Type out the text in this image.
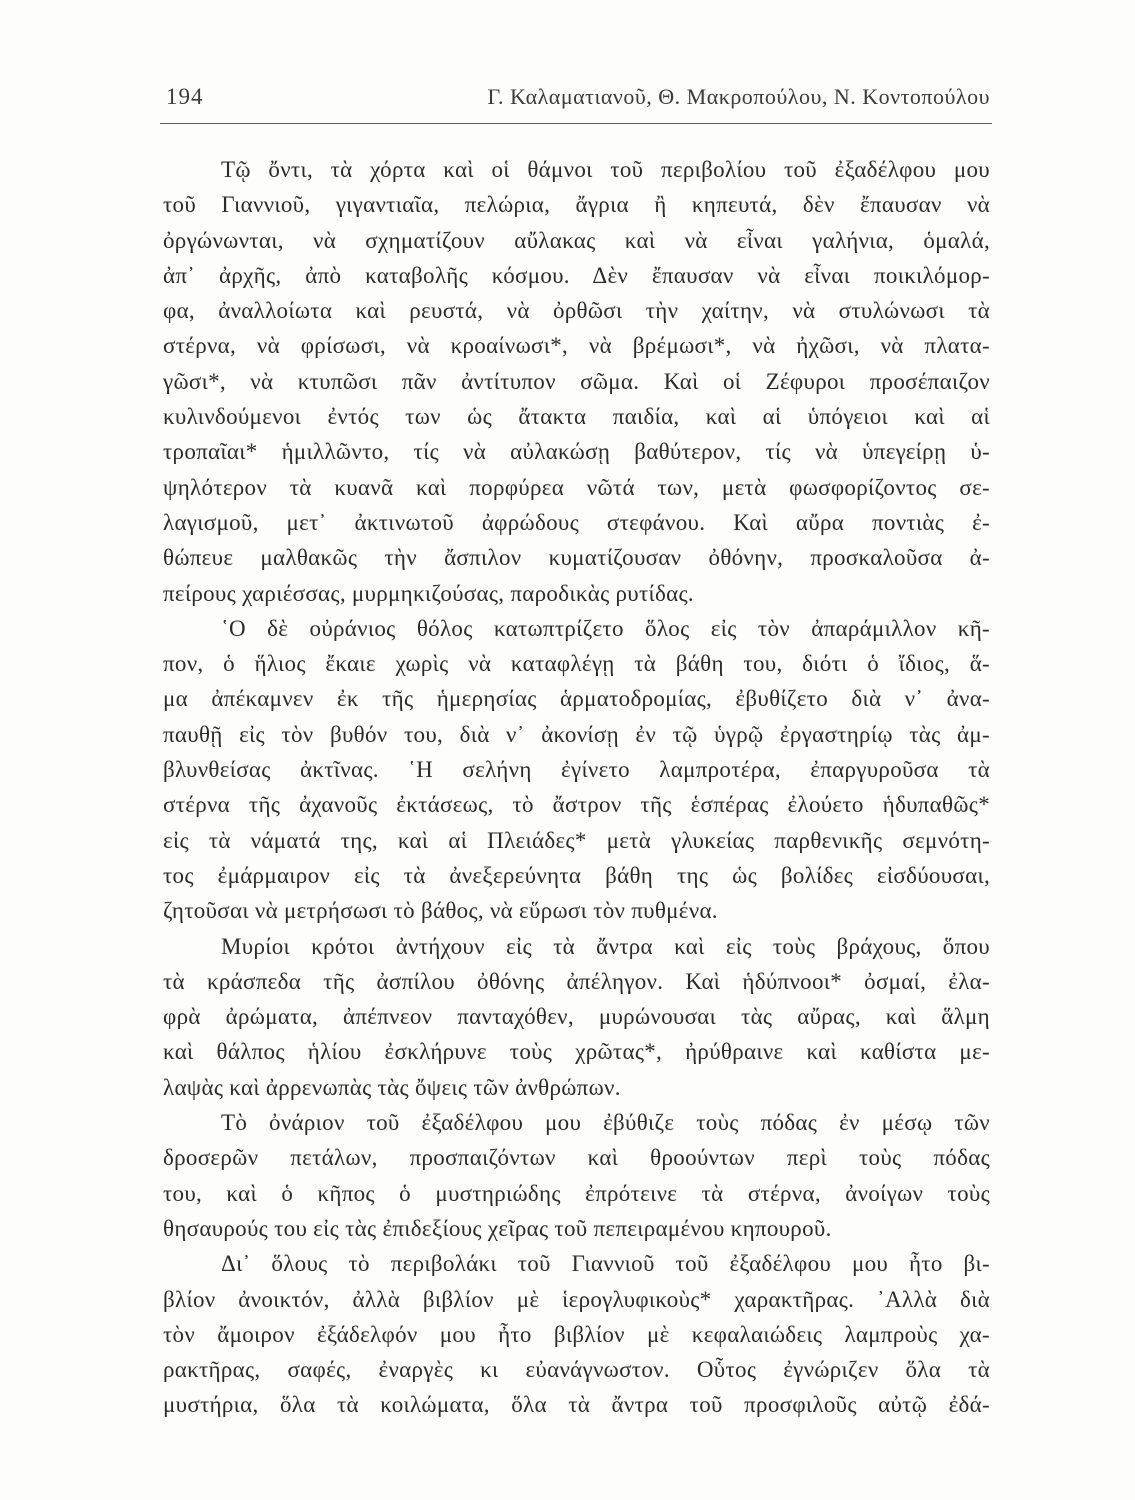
194	Γ. Καλαματιανοῦ, Θ. Μακροπούλου, Ν. Κοντοπούλου
Τῷ ὄντι, τὰ χόρτα καὶ οἱ θάμνοι τοῦ περιβολίου τοῦ ἐξαδέλφου μου
τοῦ Γιαννιοῦ, γιγαντιαῖα, πελώρια, ἄγρια ἢ κηπευτά, δὲν ἔπαυσαν νὰ
ὀργώνωνται, νὰ σχηματίζουν αὔλακας καὶ νὰ εἶναι γαλήνια, ὁμαλά,
ἀπ᾿ ἀρχῆς, ἀπὸ καταβολῆς κόσμου. Δὲν ἔπαυσαν νὰ εἶναι ποικιλόμορ-
φα, ἀναλλοίωτα καὶ ρευστά, νὰ ὀρθῶσι τὴν χαίτην, νὰ στυλώνωσι τὰ
στέρνα, νὰ φρίσωσι, νὰ κροαίνωσι*, νὰ βρέμωσι*, νὰ ἠχῶσι, νὰ πλατα-
γῶσι*, νὰ κτυπῶσι πᾶν ἀντίτυπον σῶμα. Καὶ οἱ Ζέφυροι προσέπαιζον
κυλινδούμενοι ἐντός των ὡς ἄτακτα παιδία, καὶ αἱ ὑπόγειοι καὶ αἱ
τροπαῖαι* ἡμιλλῶντο, τίς νὰ αὐλακώσῃ βαθύτερον, τίς νὰ ὑπεγείρῃ ὑ-
ψηλότερον τὰ κυανᾶ καὶ πορφύρεα νῶτά των, μετὰ φωσφορίζοντος σε-
λαγισμοῦ, μετ᾿ ἀκτινωτοῦ ἀφρώδους στεφάνου. Καὶ αὔρα ποντιὰς ἐ-
θώπευε μαλθακῶς τὴν ἄσπιλον κυματίζουσαν ὀθόνην, προσκαλοῦσα ἀ-
πείρους χαριέσσας, μυρμηκιζούσας, παροδικὰς ρυτίδας.
῾Ο δὲ οὐράνιος θόλος κατωπτρίζετο ὅλος εἰς τὸν ἀπαράμιλλον κῆ-
πον, ὁ ἥλιος ἔκαιε χωρὶς νὰ καταφλέγῃ τὰ βάθη του, διότι ὁ ἴδιος, ἅ-
μα ἀπέκαμνεν ἐκ τῆς ἡμερησίας ἁρματοδρομίας, ἐβυθίζετο διὰ ν᾿ ἀνα-
παυθῇ εἰς τὸν βυθόν του, διὰ ν᾿ ἀκονίσῃ ἐν τῷ ὑγρῷ ἐργαστηρίῳ τὰς ἀμ-
βλυνθείσας ἀκτῖνας. ῾Η σελήνη ἐγίνετο λαμπροτέρα, ἐπαργυροῦσα τὰ
στέρνα τῆς ἀχανοῦς ἐκτάσεως, τὸ ἄστρον τῆς ἑσπέρας ἐλούετο ἡδυπαθῶς*
εἰς τὰ νάματά της, καὶ αἱ Πλειάδες* μετὰ γλυκείας παρθενικῆς σεμνότη-
τος ἐμάρμαιρον εἰς τὰ ἀνεξερεύνητα βάθη της ὡς βολίδες εἰσδύουσαι,
ζητοῦσαι νὰ μετρήσωσι τὸ βάθος, νὰ εὕρωσι τὸν πυθμένα.
Μυρίοι κρότοι ἀντήχουν εἰς τὰ ἄντρα καὶ εἰς τοὺς βράχους, ὅπου
τὰ κράσπεδα τῆς ἀσπίλου ὀθόνης ἀπέληγον. Καὶ ἡδύπνοοι* ὀσμαί, ἐλα-
φρὰ ἀρώματα, ἀπέπνεον πανταχόθεν, μυρώνουσαι τὰς αὔρας, καὶ ἅλμη
καὶ θάλπος ἡλίου ἐσκλήρυνε τοὺς χρῶτας*, ἠρύθραινε καὶ καθίστα με-
λαψὰς καὶ ἀρρενωπὰς τὰς ὄψεις τῶν ἀνθρώπων.
Τὸ ὀνάριον τοῦ ἐξαδέλφου μου ἐβύθιζε τοὺς πόδας ἐν μέσῳ τῶν
δροσερῶν πετάλων, προσπαιζόντων καὶ θροούντων περὶ τοὺς πόδας
του, καὶ ὁ κῆπος ὁ μυστηριώδης ἐπρότεινε τὰ στέρνα, ἀνοίγων τοὺς
θησαυρούς του εἰς τὰς ἐπιδεξίους χεῖρας τοῦ πεπειραμένου κηπουροῦ.
Δι᾿ ὅλους τὸ περιβολάκι τοῦ Γιαννιοῦ τοῦ ἐξαδέλφου μου ἦτο βι-
βλίον ἀνοικτόν, ἀλλὰ βιβλίον μὲ ἱερογλυφικοὺς* χαρακτῆρας. ᾿Αλλὰ διὰ
τὸν ἄμοιρον ἐξάδελφόν μου ἦτο βιβλίον μὲ κεφαλαιώδεις λαμπροὺς χα-
ρακτῆρας, σαφές, ἐναργὲς κι εὐανάγνωστον. Οὗτος ἐγνώριζεν ὅλα τὰ
μυστήρια, ὅλα τὰ κοιλώματα, ὅλα τὰ ἄντρα τοῦ προσφιλοῦς αὐτῷ ἐδά-
